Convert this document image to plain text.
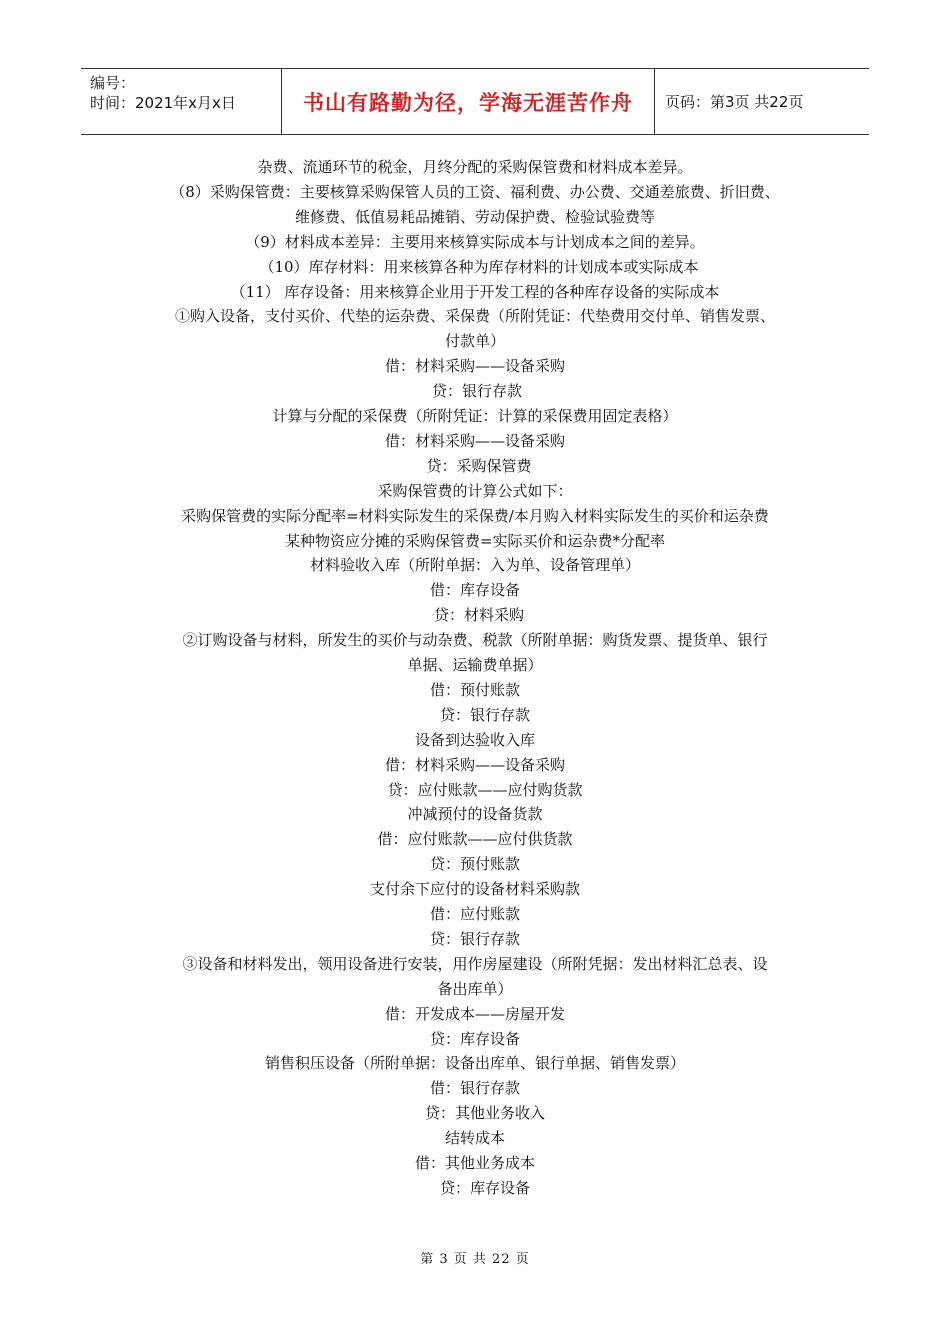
编号：
时间：2021年x月x日	书山有路勤为径，学海无涯苦作舟	页码：第3页 共22页
杂费、流通环节的税金，月终分配的采购保管费和材料成本差异。
（8）采购保管费：主要核算采购保管人员的工资、福利费、办公费、交通差旅费、折旧费、
维修费、低值易耗品摊销、劳动保护费、检验试验费等
（9）材料成本差异：主要用来核算实际成本与计划成本之间的差异。
（10）库存材料：用来核算各种为库存材料的计划成本或实际成本
（11） 库存设备：用来核算企业用于开发工程的各种库存设备的实际成本
①购入设备，支付买价、代垫的运杂费、采保费（所附凭证：代垫费用交付单、销售发票、
付款单）
借：材料采购——设备采购
贷：银行存款
计算与分配的采保费（所附凭证：计算的采保费用固定表格）
借：材料采购——设备采购
贷：采购保管费
采购保管费的计算公式如下：
采购保管费的实际分配率=材料实际发生的采保费/本月购入材料实际发生的买价和运杂费
某种物资应分摊的采购保管费=实际买价和运杂费*分配率
材料验收入库（所附单据：入为单、设备管理单）
借：库存设备
贷：材料采购
②订购设备与材料，所发生的买价与动杂费、税款（所附单据：购货发票、提货单、银行
单据、运输费单据）
借：预付账款
贷：银行存款
设备到达验收入库
借：材料采购——设备采购
贷：应付账款——应付购货款
冲减预付的设备货款
借：应付账款——应付供货款
贷：预付账款
支付余下应付的设备材料采购款
借：应付账款
贷：银行存款
③设备和材料发出，领用设备进行安装，用作房屋建设（所附凭据：发出材料汇总表、设
备出库单）
借：开发成本——房屋开发
贷：库存设备
销售积压设备（所附单据：设备出库单、银行单据、销售发票）
借：银行存款
贷：其他业务收入
结转成本
借：其他业务成本
贷：库存设备
第 3 页 共 22 页
